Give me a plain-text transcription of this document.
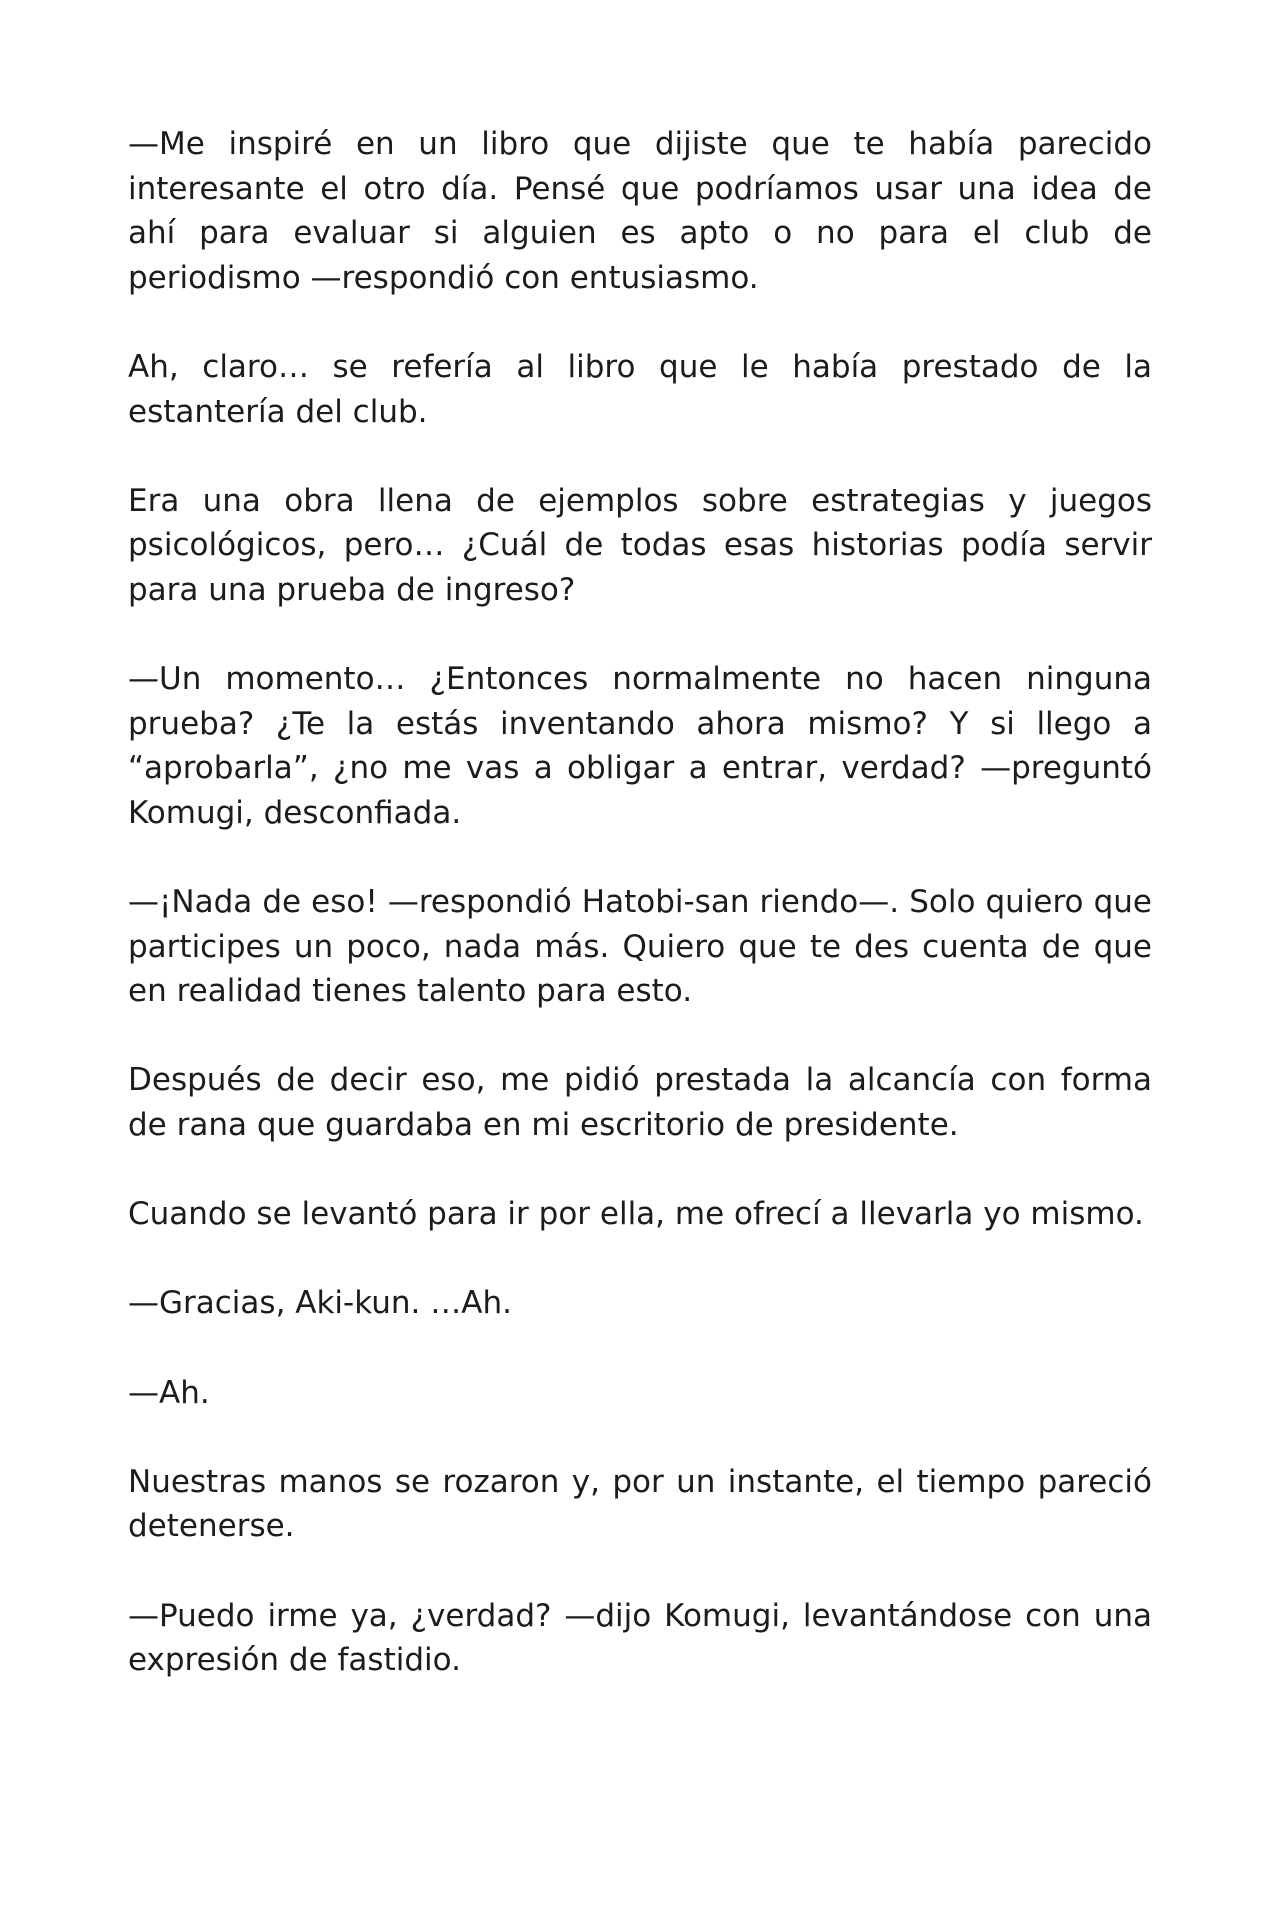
—Me inspiré en un libro que dijiste que te había parecido interesante el otro día. Pensé que podríamos usar una idea de ahí para evaluar si alguien es apto o no para el club de periodismo —respondió con entusiasmo.

Ah, claro… se refería al libro que le había prestado de la estantería del club.

Era una obra llena de ejemplos sobre estrategias y juegos psicológicos, pero… ¿Cuál de todas esas historias podía servir para una prueba de ingreso?

—Un momento… ¿Entonces normalmente no hacen ninguna prueba? ¿Te la estás inventando ahora mismo? Y si llego a “aprobarla”, ¿no me vas a obligar a entrar, verdad? —preguntó Komugi, desconfiada.

—¡Nada de eso! —respondió Hatobi-san riendo—. Solo quiero que participes un poco, nada más. Quiero que te des cuenta de que en realidad tienes talento para esto.

Después de decir eso, me pidió prestada la alcancía con forma de rana que guardaba en mi escritorio de presidente.

Cuando se levantó para ir por ella, me ofrecí a llevarla yo mismo.

—Gracias, Aki-kun. …Ah.

—Ah.

Nuestras manos se rozaron y, por un instante, el tiempo pareció detenerse.

—Puedo irme ya, ¿verdad? —dijo Komugi, levantándose con una expresión de fastidio.
